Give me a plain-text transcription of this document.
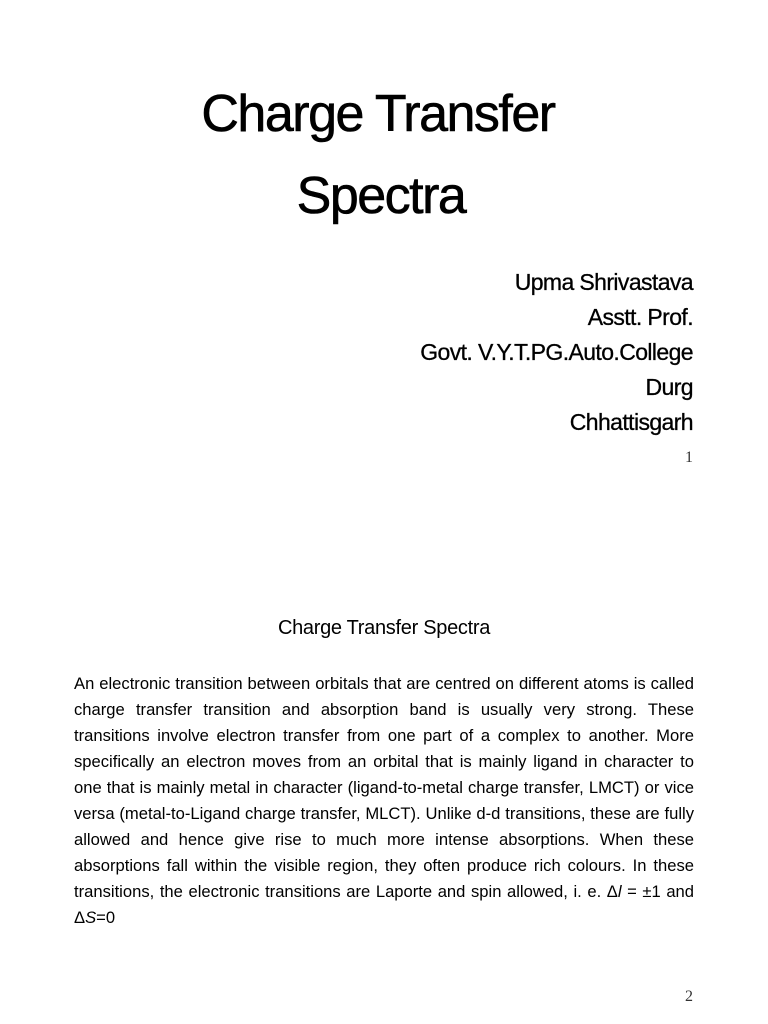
Charge Transfer
Spectra
Upma Shrivastava
Asstt. Prof.
Govt. V.Y.T.PG.Auto.College
Durg
Chhattisgarh
1
Charge Transfer Spectra

An electronic transition between orbitals that are centred on different atoms is called charge transfer transition and absorption band is usually very strong. These transitions involve electron transfer from one part of a complex to another. More specifically an electron moves from an orbital that is mainly ligand in character to one that is mainly metal in character (ligand-to-metal charge transfer, LMCT) or vice versa (metal-to-Ligand charge transfer, MLCT). Unlike d-d transitions, these are fully allowed and hence give rise to much more intense absorptions. When these absorptions fall within the visible region, they often produce rich colours. In these transitions, the electronic transitions are Laporte and spin allowed, i. e. Δl = ±1 and ΔS=0

2
